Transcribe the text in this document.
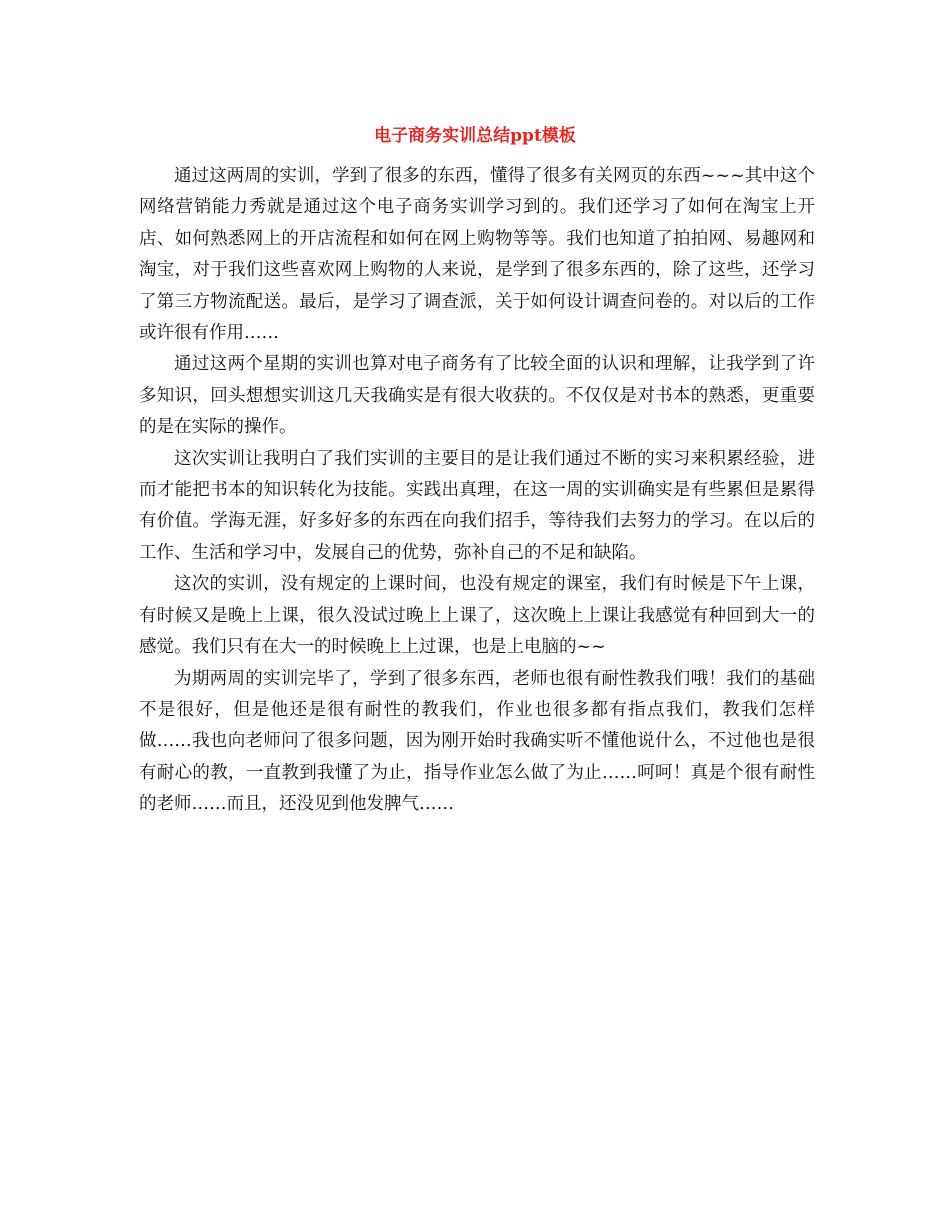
电子商务实训总结ppt模板

通过这两周的实训，学到了很多的东西，懂得了很多有关网页的东西~~~其中这个网络营销能力秀就是通过这个电子商务实训学习到的。我们还学习了如何在淘宝上开店、如何熟悉网上的开店流程和如何在网上购物等等。我们也知道了拍拍网、易趣网和淘宝，对于我们这些喜欢网上购物的人来说，是学到了很多东西的，除了这些，还学习了第三方物流配送。最后，是学习了调查派，关于如何设计调查问卷的。对以后的工作或许很有作用……

通过这两个星期的实训也算对电子商务有了比较全面的认识和理解，让我学到了许多知识，回头想想实训这几天我确实是有很大收获的。不仅仅是对书本的熟悉，更重要的是在实际的操作。

这次实训让我明白了我们实训的主要目的是让我们通过不断的实习来积累经验，进而才能把书本的知识转化为技能。实践出真理，在这一周的实训确实是有些累但是累得有价值。学海无涯，好多好多的东西在向我们招手，等待我们去努力的学习。在以后的工作、生活和学习中，发展自己的优势，弥补自己的不足和缺陷。

这次的实训，没有规定的上课时间，也没有规定的课室，我们有时候是下午上课，有时候又是晚上上课，很久没试过晚上上课了，这次晚上上课让我感觉有种回到大一的感觉。我们只有在大一的时候晚上上过课，也是上电脑的~~

为期两周的实训完毕了，学到了很多东西，老师也很有耐性教我们哦！我们的基础不是很好，但是他还是很有耐性的教我们，作业也很多都有指点我们，教我们怎样做……我也向老师问了很多问题，因为刚开始时我确实听不懂他说什么，不过他也是很有耐心的教，一直教到我懂了为止，指导作业怎么做了为止……呵呵！真是个很有耐性的老师……而且，还没见到他发脾气……
